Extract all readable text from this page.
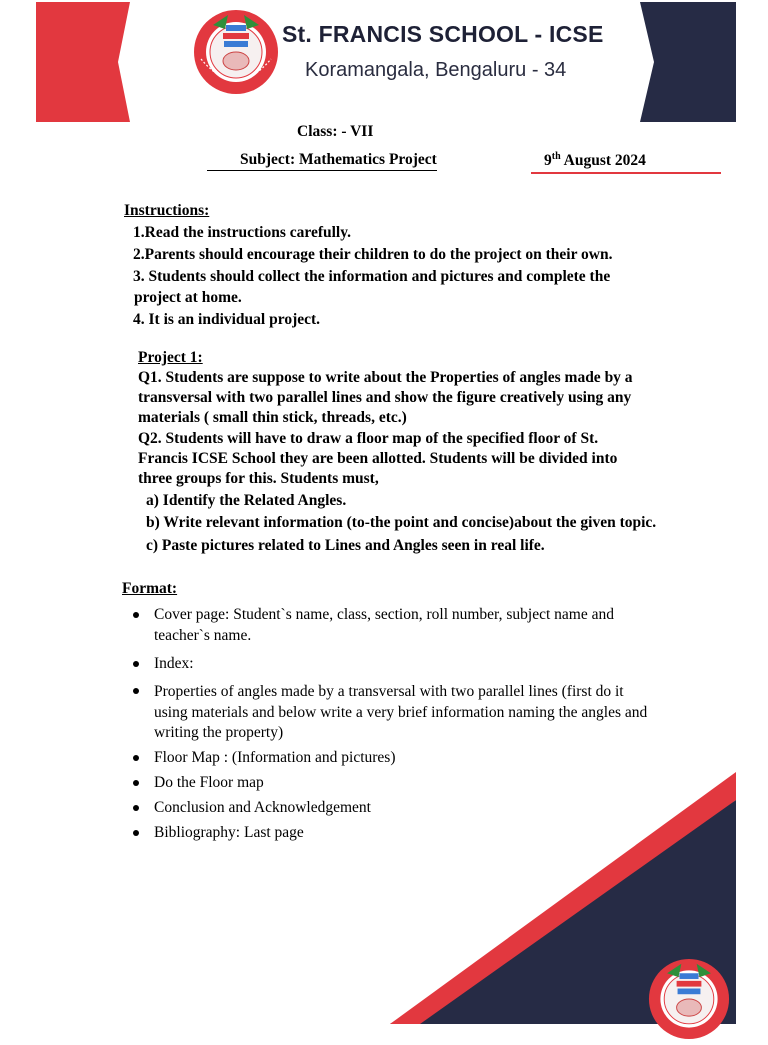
St. FRANCIS SCHOOL - ICSE
Koramangala, Bengaluru - 34
Class: - VII
Subject: Mathematics Project	9th August 2024
Instructions:
1.Read the instructions carefully.
2.Parents should encourage their children to do the project on their own.
3. Students should collect the information and pictures and complete the
project at home.
4. It is an individual project.
Project 1:
Q1. Students are suppose to write about the Properties of angles made by a
transversal with two parallel lines and show the figure creatively using any
materials ( small thin stick, threads, etc.)
Q2. Students will have to draw a floor map of the specified floor of St.
Francis ICSE School they are been allotted. Students will be divided into
three groups for this. Students must,
a) Identify the Related Angles.
b) Write relevant information (to-the point and concise)about the given topic.
c) Paste pictures related to Lines and Angles seen in real life.
Format:
Cover page: Student`s name, class, section, roll number, subject name and
teacher`s name.
Index:
Properties of angles made by a transversal with two parallel lines (first do it
using materials and below write a very brief information naming the angles and
writing the property)
Floor Map : (Information and pictures)
Do the Floor map
Conclusion and Acknowledgement
Bibliography: Last page
